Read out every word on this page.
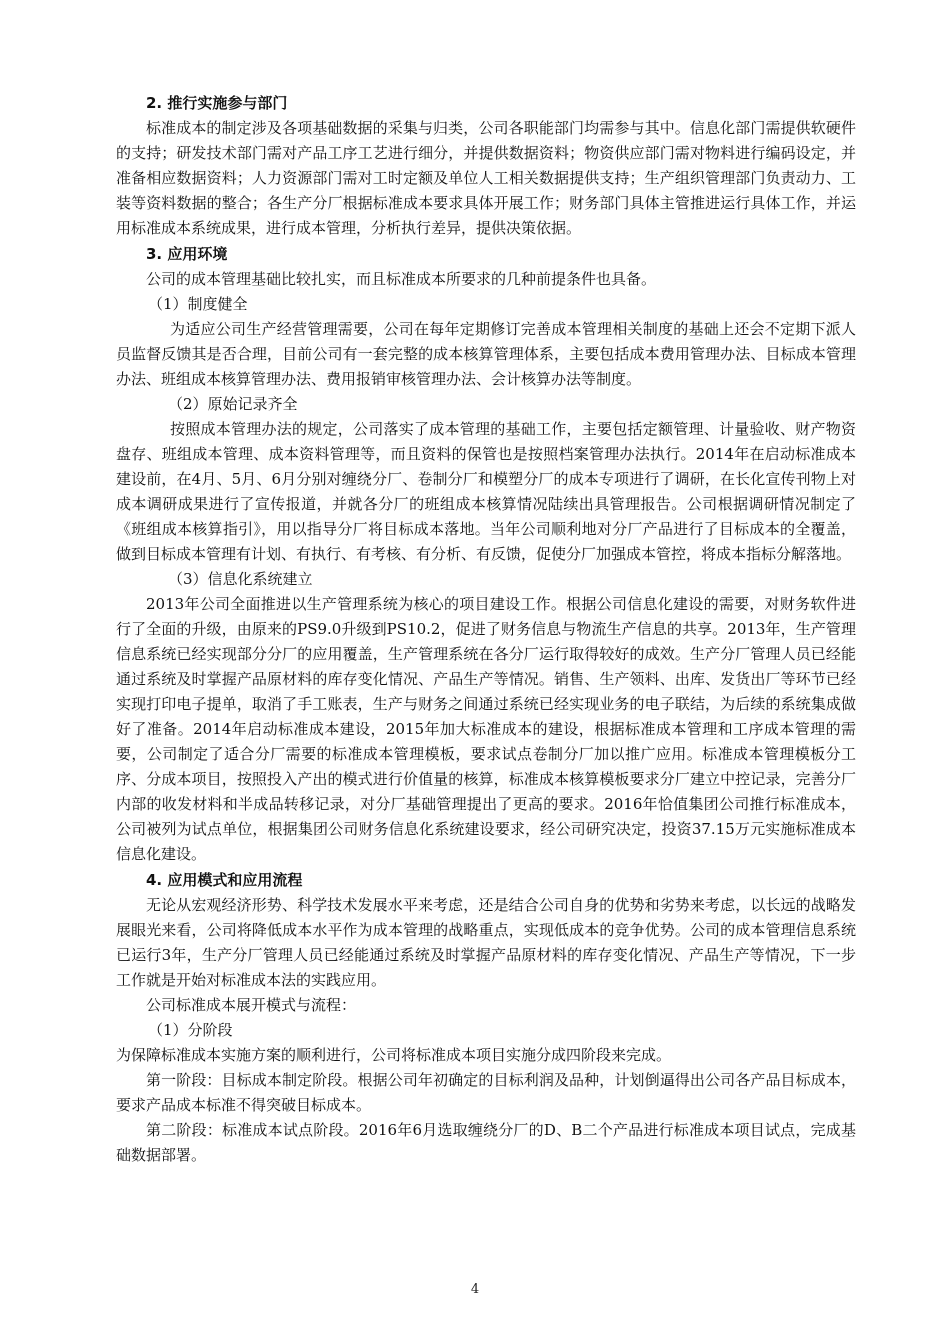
2. 推行实施参与部门

标准成本的制定涉及各项基础数据的采集与归类，公司各职能部门均需参与其中。信息化部门需提供软硬件的支持；研发技术部门需对产品工序工艺进行细分，并提供数据资料；物资供应部门需对物料进行编码设定，并准备相应数据资料；人力资源部门需对工时定额及单位人工相关数据提供支持；生产组织管理部门负责动力、工装等资料数据的整合；各生产分厂根据标准成本要求具体开展工作；财务部门具体主管推进运行具体工作，并运用标准成本系统成果，进行成本管理，分析执行差异，提供决策依据。

3. 应用环境

公司的成本管理基础比较扎实，而且标准成本所要求的几种前提条件也具备。

（1）制度健全

为适应公司生产经营管理需要，公司在每年定期修订完善成本管理相关制度的基础上还会不定期下派人员监督反馈其是否合理，目前公司有一套完整的成本核算管理体系，主要包括成本费用管理办法、目标成本管理办法、班组成本核算管理办法、费用报销审核管理办法、会计核算办法等制度。

（2）原始记录齐全

按照成本管理办法的规定，公司落实了成本管理的基础工作，主要包括定额管理、计量验收、财产物资盘存、班组成本管理、成本资料管理等，而且资料的保管也是按照档案管理办法执行。2014年在启动标准成本建设前，在4月、5月、6月分别对缠绕分厂、卷制分厂和模塑分厂的成本专项进行了调研，在长化宣传刊物上对成本调研成果进行了宣传报道，并就各分厂的班组成本核算情况陆续出具管理报告。公司根据调研情况制定了《班组成本核算指引》，用以指导分厂将目标成本落地。当年公司顺利地对分厂产品进行了目标成本的全覆盖，做到目标成本管理有计划、有执行、有考核、有分析、有反馈，促使分厂加强成本管控，将成本指标分解落地。

（3）信息化系统建立

2013年公司全面推进以生产管理系统为核心的项目建设工作。根据公司信息化建设的需要，对财务软件进行了全面的升级，由原来的PS9.0升级到PS10.2，促进了财务信息与物流生产信息的共享。2013年，生产管理信息系统已经实现部分分厂的应用覆盖，生产管理系统在各分厂运行取得较好的成效。生产分厂管理人员已经能通过系统及时掌握产品原材料的库存变化情况、产品生产等情况。销售、生产领料、出库、发货出厂等环节已经实现打印电子提单，取消了手工账表，生产与财务之间通过系统已经实现业务的电子联结，为后续的系统集成做好了准备。2014年启动标准成本建设，2015年加大标准成本的建设，根据标准成本管理和工序成本管理的需要，公司制定了适合分厂需要的标准成本管理模板，要求试点卷制分厂加以推广应用。标准成本管理模板分工序、分成本项目，按照投入产出的模式进行价值量的核算，标准成本核算模板要求分厂建立中控记录，完善分厂内部的收发材料和半成品转移记录，对分厂基础管理提出了更高的要求。2016年恰值集团公司推行标准成本，公司被列为试点单位，根据集团公司财务信息化系统建设要求，经公司研究决定，投资37.15万元实施标准成本信息化建设。

4. 应用模式和应用流程

无论从宏观经济形势、科学技术发展水平来考虑，还是结合公司自身的优势和劣势来考虑，以长远的战略发展眼光来看，公司将降低成本水平作为成本管理的战略重点，实现低成本的竞争优势。公司的成本管理信息系统已运行3年，生产分厂管理人员已经能通过系统及时掌握产品原材料的库存变化情况、产品生产等情况，下一步工作就是开始对标准成本法的实践应用。

公司标准成本展开模式与流程：

（1）分阶段

为保障标准成本实施方案的顺利进行，公司将标准成本项目实施分成四阶段来完成。

第一阶段：目标成本制定阶段。根据公司年初确定的目标利润及品种，计划倒逼得出公司各产品目标成本，要求产品成本标准不得突破目标成本。

第二阶段：标准成本试点阶段。2016年6月选取缠绕分厂的D、B二个产品进行标准成本项目试点，完成基础数据部署。

4
